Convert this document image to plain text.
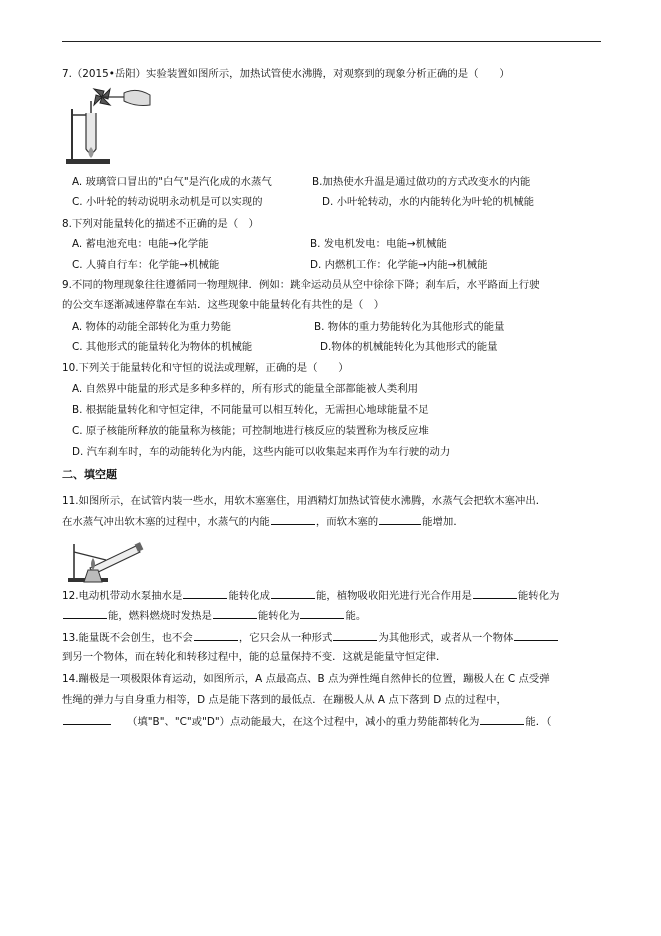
7.（2015•岳阳）实验装置如图所示，加热试管使水沸腾，对观察到的现象分析正确的是（　　）
A. 玻璃管口冒出的"白气"是汽化成的水蒸气	B.加热使水升温是通过做功的方式改变水的内能
C. 小叶轮的转动说明永动机是可以实现的	D. 小叶轮转动，水的内能转化为叶轮的机械能
8.下列对能量转化的描述不正确的是（　）
A. 蓄电池充电：电能→化学能	B. 发电机发电：电能→机械能
C. 人骑自行车：化学能→机械能	D. 内燃机工作：化学能→内能→机械能
9.不同的物理现象往往遵循同一物理规律．例如：跳伞运动员从空中徐徐下降；刹车后，水平路面上行驶
的公交车逐渐减速停靠在车站．这些现象中能量转化有共性的是（　）
A. 物体的动能全部转化为重力势能	B. 物体的重力势能转化为其他形式的能量
C. 其他形式的能量转化为物体的机械能	D.物体的机械能转化为其他形式的能量
10.下列关于能量转化和守恒的说法或理解，正确的是（　　）
A. 自然界中能量的形式是多种多样的，所有形式的能量全部都能被人类利用
B. 根据能量转化和守恒定律，不同能量可以相互转化，无需担心地球能量不足
C. 原子核能所释放的能量称为核能；可控制地进行核反应的装置称为核反应堆
D. 汽车刹车时，车的动能转化为内能，这些内能可以收集起来再作为车行驶的动力
二、填空题
11.如图所示，在试管内装一些水，用软木塞塞住，用酒精灯加热试管使水沸腾，水蒸气会把软木塞冲出．
在水蒸气冲出软木塞的过程中，水蒸气的内能	，而软木塞的	能增加．
12.电动机带动水泵抽水是	能转化成	能，植物吸收阳光进行光合作用是	能转化为
能，燃料燃烧时发热是	能转化为	能。
13.能量既不会创生，也不会	，它只会从一种形式	为其他形式，或者从一个物体
到另一个物体，而在转化和转移过程中，能的总量保持不变．这就是能量守恒定律．
14.蹦极是一项极限体育运动，如图所示，A 点最高点、B 点为弹性绳自然伸长的位置，蹦极人在 C 点受弹
性绳的弹力与自身重力相等，D 点是能下落到的最低点．在蹦极人从 A 点下落到 D 点的过程中，
（填"B"、"C"或"D"）点动能最大，在这个过程中，减小的重力势能都转化为	能．（
